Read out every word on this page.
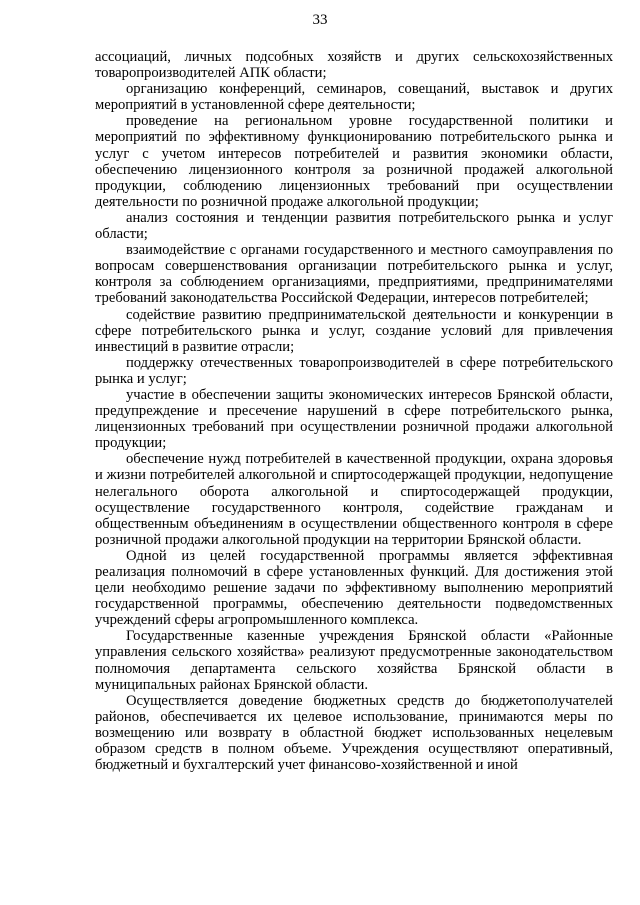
33

ассоциаций, личных подсобных хозяйств и других сельскохозяйственных товаропроизводителей АПК области;

организацию конференций, семинаров, совещаний, выставок и других мероприятий в установленной сфере деятельности;

проведение на региональном уровне государственной политики и мероприятий по эффективному функционированию потребительского рынка и услуг с учетом интересов потребителей и развития экономики области, обеспечению лицензионного контроля за розничной продажей алкогольной продукции, соблюдению лицензионных требований при осуществлении деятельности по розничной продаже алкогольной продукции;

анализ состояния и тенденции развития потребительского рынка и услуг области;

взаимодействие с органами государственного и местного самоуправления по вопросам совершенствования организации потребительского рынка и услуг, контроля за соблюдением организациями, предприятиями, предпринимателями требований законодательства Российской Федерации, интересов потребителей;

содействие развитию предпринимательской деятельности и конкуренции в сфере потребительского рынка и услуг, создание условий для привлечения инвестиций в развитие отрасли;

поддержку отечественных товаропроизводителей в сфере потребительского рынка и услуг;

участие в обеспечении защиты экономических интересов Брянской области, предупреждение и пресечение нарушений в сфере потребительского рынка, лицензионных требований при осуществлении розничной продажи алкогольной продукции;

обеспечение нужд потребителей в качественной продукции, охрана здоровья и жизни потребителей алкогольной и спиртосодержащей продукции, недопущение нелегального оборота алкогольной и спиртосодержащей продукции, осуществление государственного контроля, содействие гражданам и общественным объединениям в осуществлении общественного контроля в сфере розничной продажи алкогольной продукции на территории Брянской области.

Одной из целей государственной программы является эффективная реализация полномочий в сфере установленных функций. Для достижения этой цели необходимо решение задачи по эффективному выполнению мероприятий государственной программы, обеспечению деятельности подведомственных учреждений сферы агропромышленного комплекса.

Государственные казенные учреждения Брянской области «Районные управления сельского хозяйства» реализуют предусмотренные законодательством полномочия департамента сельского хозяйства Брянской области в муниципальных районах Брянской области.

Осуществляется доведение бюджетных средств до бюджетополучателей районов, обеспечивается их целевое использование, принимаются меры по возмещению или возврату в областной бюджет использованных нецелевым образом средств в полном объеме. Учреждения осуществляют оперативный, бюджетный и бухгалтерский учет финансово-хозяйственной и иной
